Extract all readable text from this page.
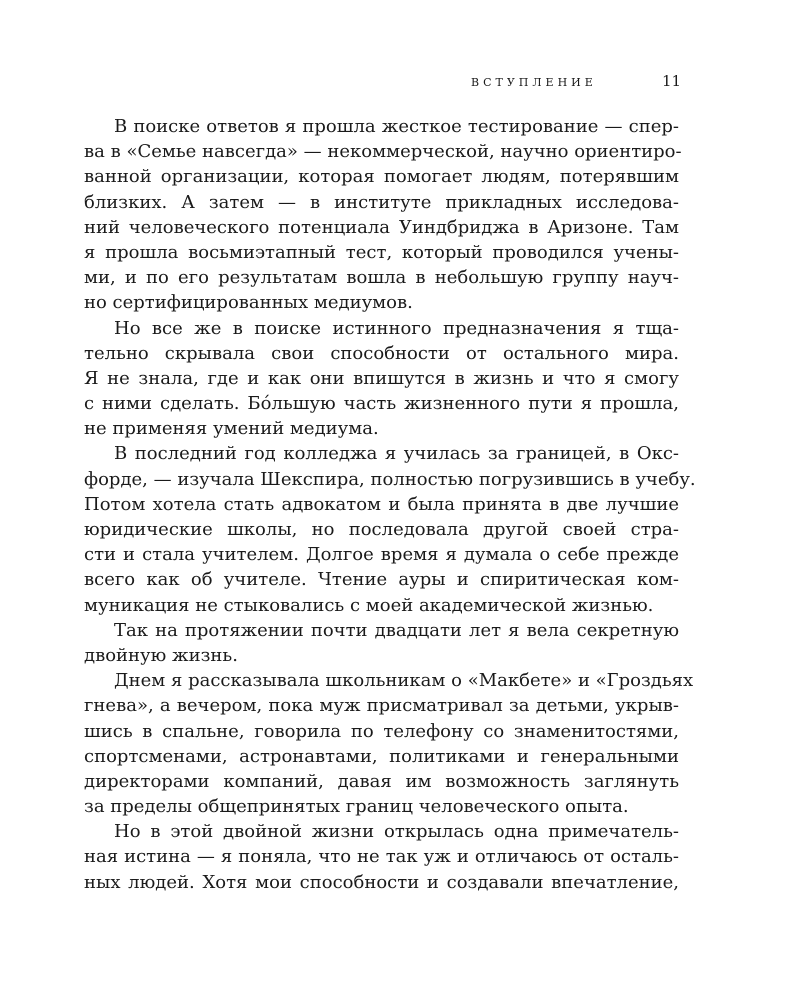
ВСТУПЛЕНИЕ	11
В поиске ответов я прошла жесткое тестирование — спер-
ва в «Семье навсегда» — некоммерческой, научно ориентиро-
ванной организации, которая помогает людям, потерявшим
близких. А затем — в институте прикладных исследова-
ний человеческого потенциала Уиндбриджа в Аризоне. Там
я прошла восьмиэтапный тест, который проводился учены-
ми, и по его результатам вошла в небольшую группу науч-
но сертифицированных медиумов.
Но все же в поиске истинного предназначения я тща-
тельно скрывала свои способности от остального мира.
Я не знала, где и как они впишутся в жизнь и что я смогу
с ними сделать. Бóльшую часть жизненного пути я прошла,
не применяя умений медиума.
В последний год колледжа я училась за границей, в Окс-
форде, — изучала Шекспира, полностью погрузившись в учебу.
Потом хотела стать адвокатом и была принята в две лучшие
юридические школы, но последовала другой своей стра-
сти и стала учителем. Долгое время я думала о себе прежде
всего как об учителе. Чтение ауры и спиритическая ком-
муникация не стыковались с моей академической жизнью.
Так на протяжении почти двадцати лет я вела секретную
двойную жизнь.
Днем я рассказывала школьникам о «Макбете» и «Гроздьях
гнева», а вечером, пока муж присматривал за детьми, укрыв-
шись в спальне, говорила по телефону со знаменитостями,
спортсменами, астронавтами, политиками и генеральными
директорами компаний, давая им возможность заглянуть
за пределы общепринятых границ человеческого опыта.
Но в этой двойной жизни открылась одна примечатель-
ная истина — я поняла, что не так уж и отличаюсь от осталь-
ных людей. Хотя мои способности и создавали впечатление,
